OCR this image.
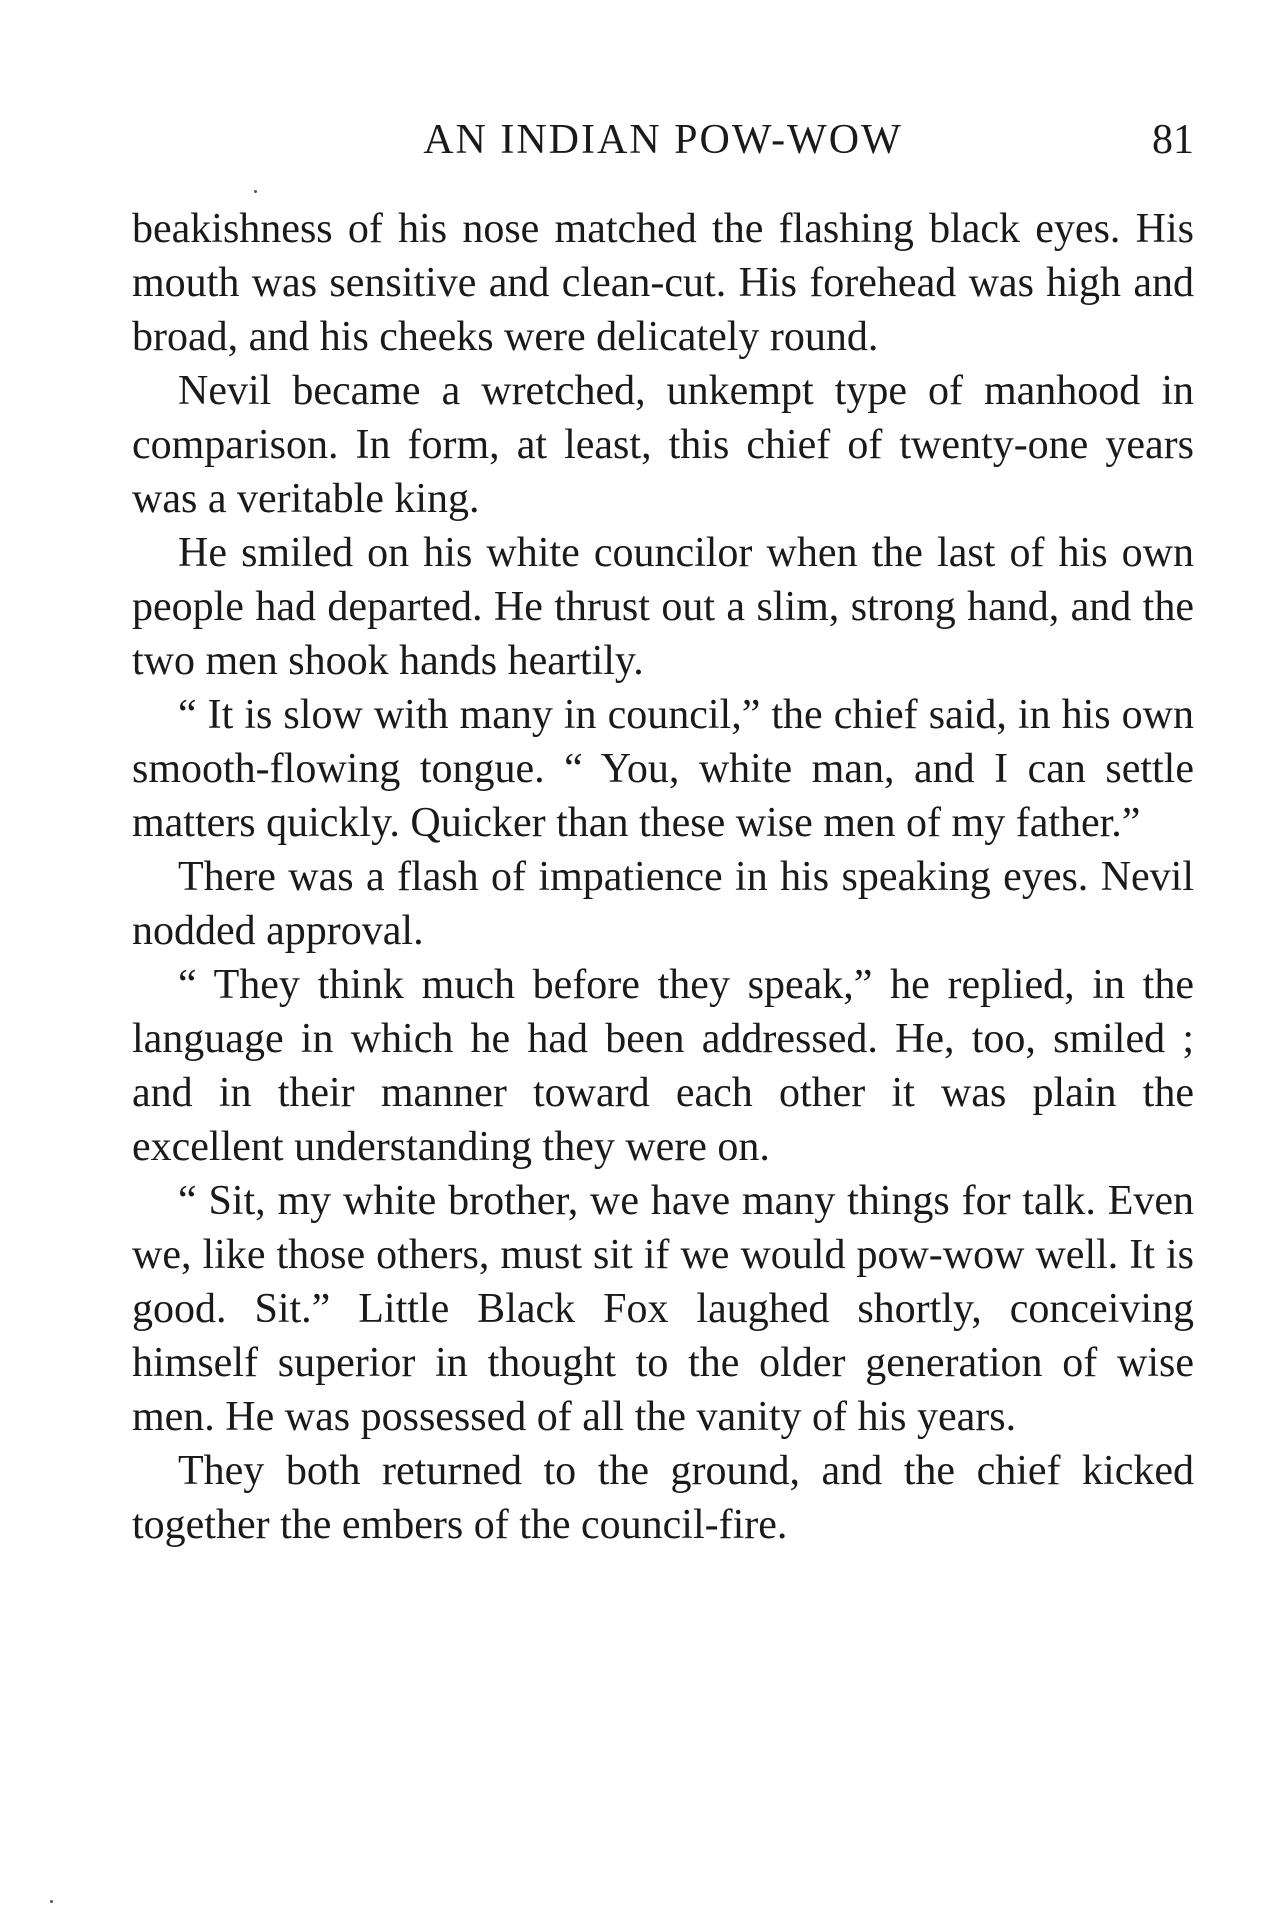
AN INDIAN POW-WOW	81

beakishness of his nose matched the flashing black eyes. His mouth was sensitive and clean-cut. His forehead was high and broad, and his cheeks were delicately round.

Nevil became a wretched, unkempt type of manhood in comparison. In form, at least, this chief of twenty-one years was a veritable king.

He smiled on his white councilor when the last of his own people had departed. He thrust out a slim, strong hand, and the two men shook hands heartily.

“ It is slow with many in council,” the chief said, in his own smooth-flowing tongue. “ You, white man, and I can settle matters quickly. Quicker than these wise men of my father.”

There was a flash of impatience in his speaking eyes. Nevil nodded approval.

“ They think much before they speak,” he replied, in the language in which he had been addressed. He, too, smiled ; and in their manner toward each other it was plain the excellent understanding they were on.

“ Sit, my white brother, we have many things for talk. Even we, like those others, must sit if we would pow-wow well. It is good. Sit.” Little Black Fox laughed shortly, conceiving himself superior in thought to the older generation of wise men. He was possessed of all the vanity of his years.

They both returned to the ground, and the chief kicked together the embers of the council-fire.
